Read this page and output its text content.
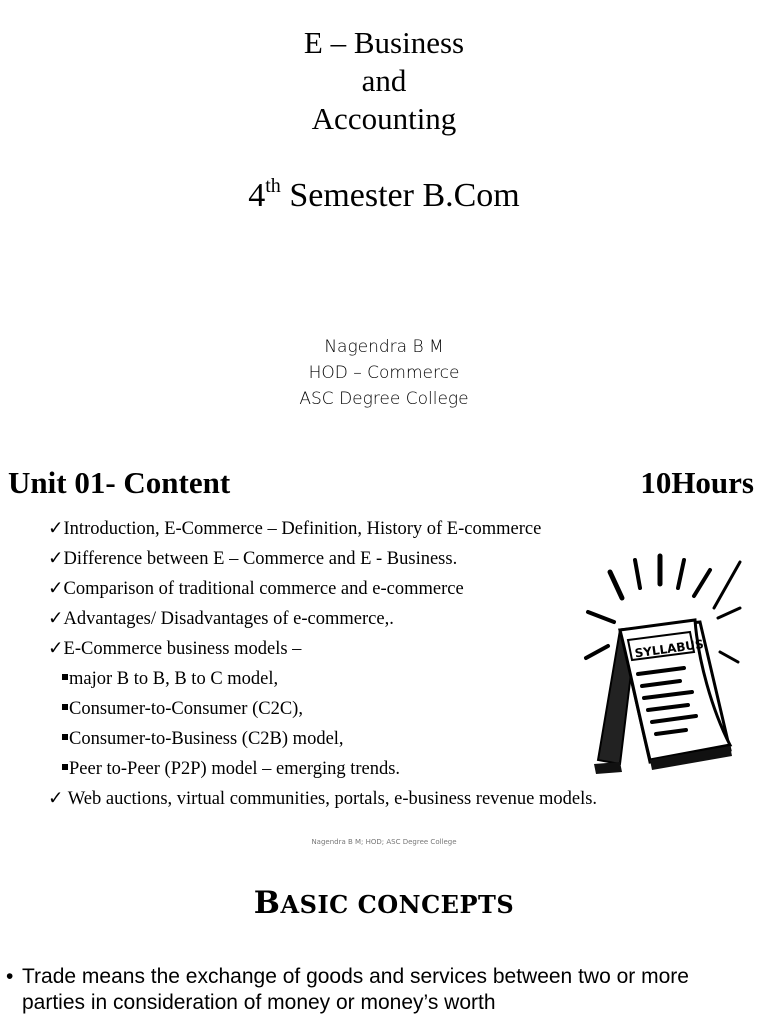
E – Business
and
Accounting
4th Semester B.Com
Nagendra B M
HOD – Commerce
ASC Degree College
Unit 01- Content	10Hours
✓Introduction, E-Commerce – Definition, History of E-commerce
✓Difference between E – Commerce and E - Business.
✓Comparison of traditional commerce and e-commerce
✓Advantages/ Disadvantages of e-commerce,.
✓E-Commerce business models –
major B to B, B to C model,
Consumer-to-Consumer (C2C),
Consumer-to-Business (C2B) model,
Peer to-Peer (P2P) model – emerging trends.
✓ Web auctions, virtual communities, portals, e-business revenue models.
SYLLABUS
Nagendra B M; HOD; ASC Degree College
BASIC CONCEPTS
• Trade means the exchange of goods and services between two or more
parties in consideration of money or money’s worth
